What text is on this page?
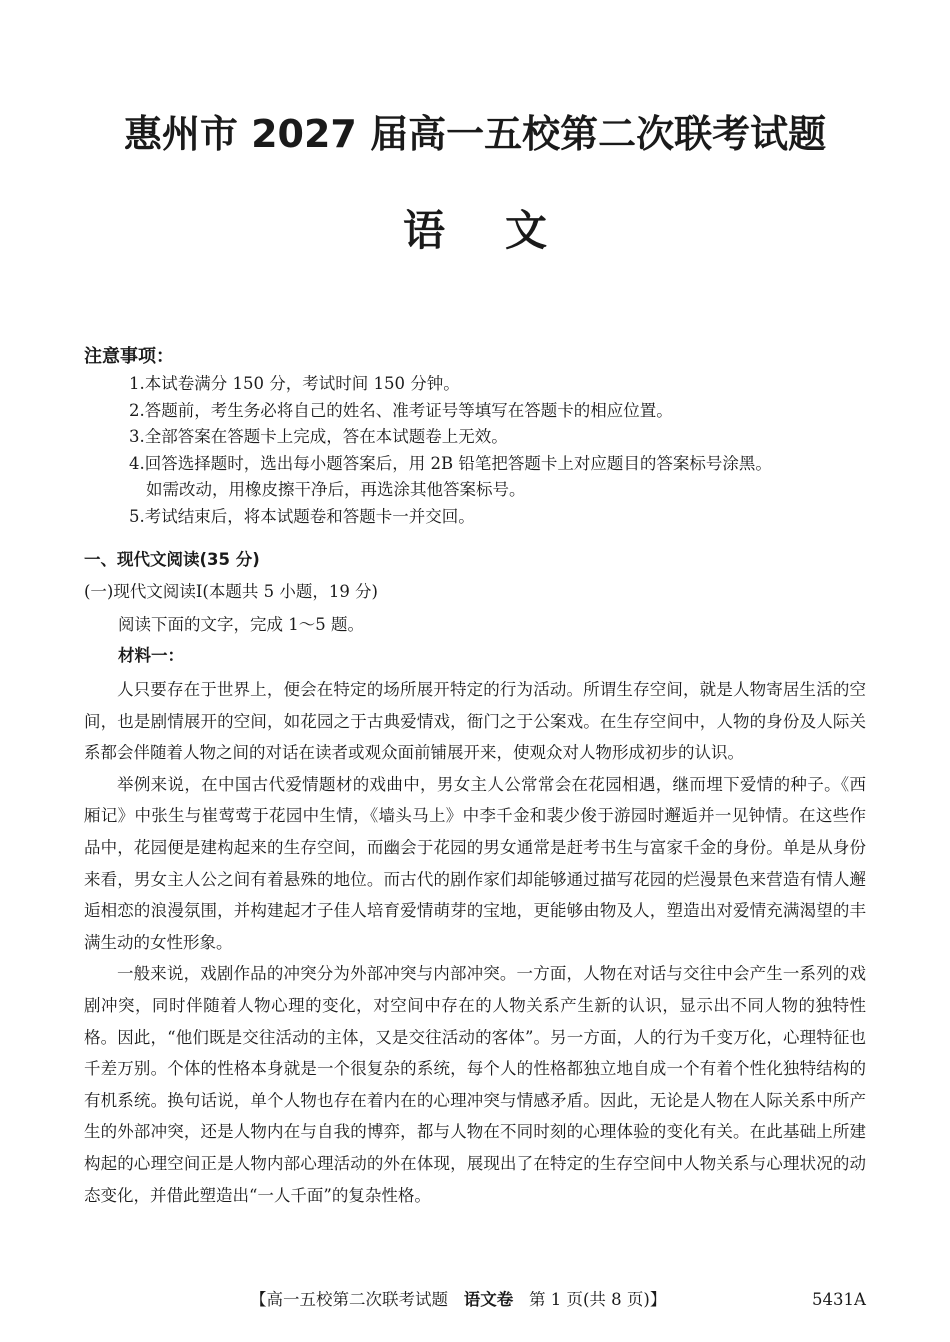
惠州市 2027 届高一五校第二次联考试题
语文
注意事项：
1.本试卷满分 150 分，考试时间 150 分钟。
2.答题前，考生务必将自己的姓名、准考证号等填写在答题卡的相应位置。
3.全部答案在答题卡上完成，答在本试题卷上无效。
4.回答选择题时，选出每小题答案后，用 2B 铅笔把答题卡上对应题目的答案标号涂黑。
如需改动，用橡皮擦干净后，再选涂其他答案标号。
5.考试结束后，将本试题卷和答题卡一并交回。
一、现代文阅读(35 分)
(一)现代文阅读Ⅰ(本题共 5 小题，19 分)
阅读下面的文字，完成 1～5 题。
材料一：

人只要存在于世界上，便会在特定的场所展开特定的行为活动。所谓生存空间，就是人物寄居生活的空间，也是剧情展开的空间，如花园之于古典爱情戏，衙门之于公案戏。在生存空间中，人物的身份及人际关系都会伴随着人物之间的对话在读者或观众面前铺展开来，使观众对人物形成初步的认识。

举例来说，在中国古代爱情题材的戏曲中，男女主人公常常会在花园相遇，继而埋下爱情的种子。《西厢记》中张生与崔莺莺于花园中生情，《墙头马上》中李千金和裴少俊于游园时邂逅并一见钟情。在这些作品中，花园便是建构起来的生存空间，而幽会于花园的男女通常是赶考书生与富家千金的身份。单是从身份来看，男女主人公之间有着悬殊的地位。而古代的剧作家们却能够通过描写花园的烂漫景色来营造有情人邂逅相恋的浪漫氛围，并构建起才子佳人培育爱情萌芽的宝地，更能够由物及人，塑造出对爱情充满渴望的丰满生动的女性形象。

一般来说，戏剧作品的冲突分为外部冲突与内部冲突。一方面，人物在对话与交往中会产生一系列的戏剧冲突，同时伴随着人物心理的变化，对空间中存在的人物关系产生新的认识，显示出不同人物的独特性格。因此，“他们既是交往活动的主体，又是交往活动的客体”。另一方面，人的行为千变万化，心理特征也千差万别。个体的性格本身就是一个很复杂的系统，每个人的性格都独立地自成一个有着个性化独特结构的有机系统。换句话说，单个人物也存在着内在的心理冲突与情感矛盾。因此，无论是人物在人际关系中所产生的外部冲突，还是人物内在与自我的博弈，都与人物在不同时刻的心理体验的变化有关。在此基础上所建构起的心理空间正是人物内部心理活动的外在体现，展现出了在特定的生存空间中人物关系与心理状况的动态变化，并借此塑造出“一人千面”的复杂性格。

【高一五校第二次联考试题 语文卷 第 1 页(共 8 页)】	5431A
